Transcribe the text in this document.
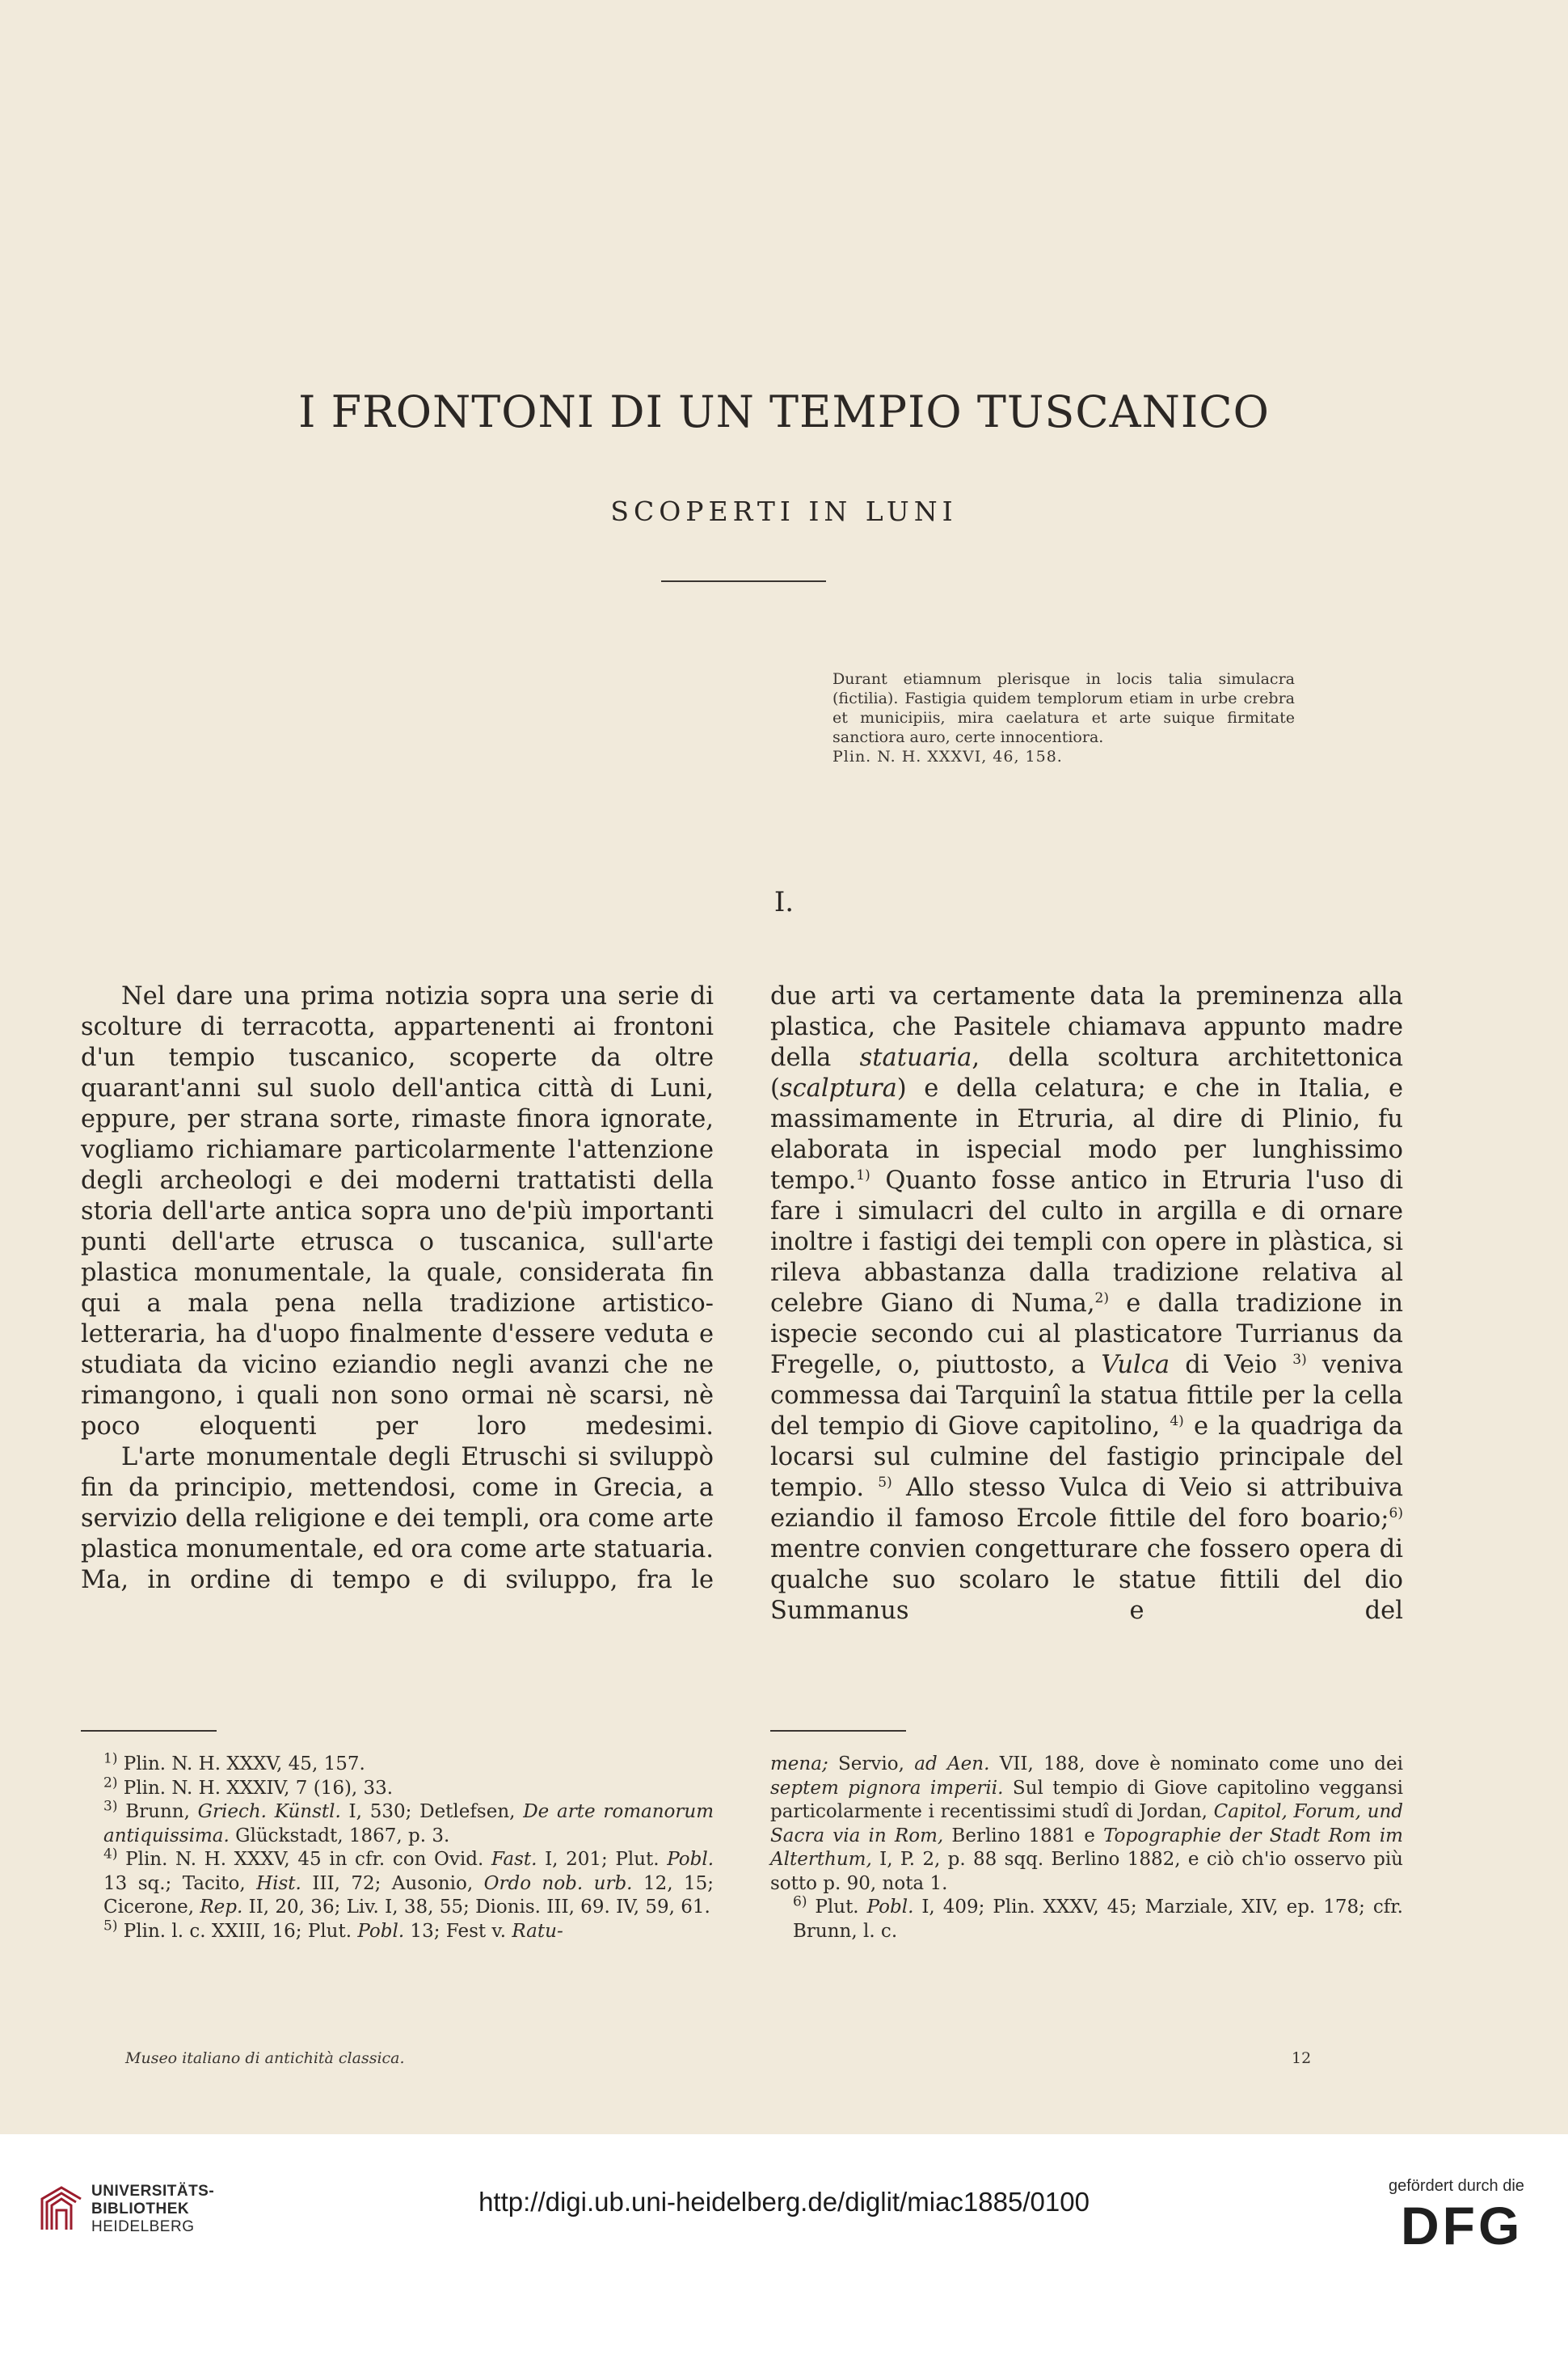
I FRONTONI DI UN TEMPIO TUSCANICO
SCOPERTI IN LUNI
Durant etiamnum plerisque in locis talia simulacra (fictilia). Fastigia quidem templorum etiam in urbe crebra et municipiis, mira caelatura et arte suique firmitate sanctiora auro, certe innocentiora.
Plin. N. H. XXXVI, 46, 158.
I.

Nel dare una prima notizia sopra una serie di scolture di terracotta, appartenenti ai frontoni d'un tempio tuscanico, scoperte da oltre quarant'anni sul suolo dell'antica città di Luni, eppure, per strana sorte, rimaste finora ignorate, vogliamo richiamare particolarmente l'attenzione degli archeologi e dei moderni trattatisti della storia dell'arte antica sopra uno de'più importanti punti dell'arte etrusca o tuscanica, sull'arte plastica monumentale, la quale, considerata fin qui a mala pena nella tradizione artistico-letteraria, ha d'uopo finalmente d'essere veduta e studiata da vicino eziandio negli avanzi che ne rimangono, i quali non sono ormai nè scarsi, nè poco eloquenti per loro medesimi.

L'arte monumentale degli Etruschi si sviluppò fin da principio, mettendosi, come in Grecia, a servizio della religione e dei templi, ora come arte plastica monumentale, ed ora come arte statuaria. Ma, in ordine di tempo e di sviluppo, fra le

due arti va certamente data la preminenza alla plastica, che Pasitele chiamava appunto madre della statuaria, della scoltura architettonica (scalptura) e della celatura; e che in Italia, e massimamente in Etruria, al dire di Plinio, fu elaborata in ispecial modo per lunghissimo tempo.$^{1)}$ Quanto fosse antico in Etruria l'uso di fare i simulacri del culto in argilla e di ornare inoltre i fastigi dei templi con opere in plàstica, si rileva abbastanza dalla tradizione relativa al celebre Giano di Numa,$^{2)}$ e dalla tradizione in ispecie secondo cui al plasticatore Turrianus da Fregelle, o, piuttosto, a Vulca di Veio $^{3)}$ veniva commessa dai Tarquinî la statua fittile per la cella del tempio di Giove capitolino, $^{4)}$ e la quadriga da locarsi sul culmine del fastigio principale del tempio. $^{5)}$ Allo stesso Vulca di Veio si attribuiva eziandio il famoso Ercole fittile del foro boario;$^{6)}$ mentre convien congetturare che fossero opera di qualche suo scolaro le statue fittili del dio Summanus e del

$^{1)}$ Plin. N. H. XXXV, 45, 157.
$^{2)}$ Plin. N. H. XXXIV, 7 (16), 33.
$^{3)}$ Brunn, Griech. Künstl. I, 530; Detlefsen, De arte romanorum antiquissima. Glückstadt, 1867, p. 3.
$^{4)}$ Plin. N. H. XXXV, 45 in cfr. con Ovid. Fast. I, 201; Plut. Pobl. 13 sq.; Tacito, Hist. III, 72; Ausonio, Ordo nob. urb. 12, 15; Cicerone, Rep. II, 20, 36; Liv. I, 38, 55; Dionis. III, 69. IV, 59, 61.
$^{5)}$ Plin. l. c. XXIII, 16; Plut. Pobl. 13; Fest v. Ratu-
mena; Servio, ad Aen. VII, 188, dove è nominato come uno dei septem pignora imperii. Sul tempio di Giove capitolino veggansi particolarmente i recentissimi studî di Jordan, Capitol, Forum, und Sacra via in Rom, Berlino 1881 e Topographie der Stadt Rom im Alterthum, I, P. 2, p. 88 sqq. Berlino 1882, e ciò ch'io osservo più sotto p. 90, nota 1.
$^{6)}$ Plut. Pobl. I, 409; Plin. XXXV, 45; Marziale, XIV, ep. 178; cfr. Brunn, l. c.
Museo italiano di antichità classica.	12
UNIVERSITÄTS-
BIBLIOTHEK
HEIDELBERG
http://digi.ub.uni-heidelberg.de/diglit/miac1885/0100
gefördert durch die
DFG
